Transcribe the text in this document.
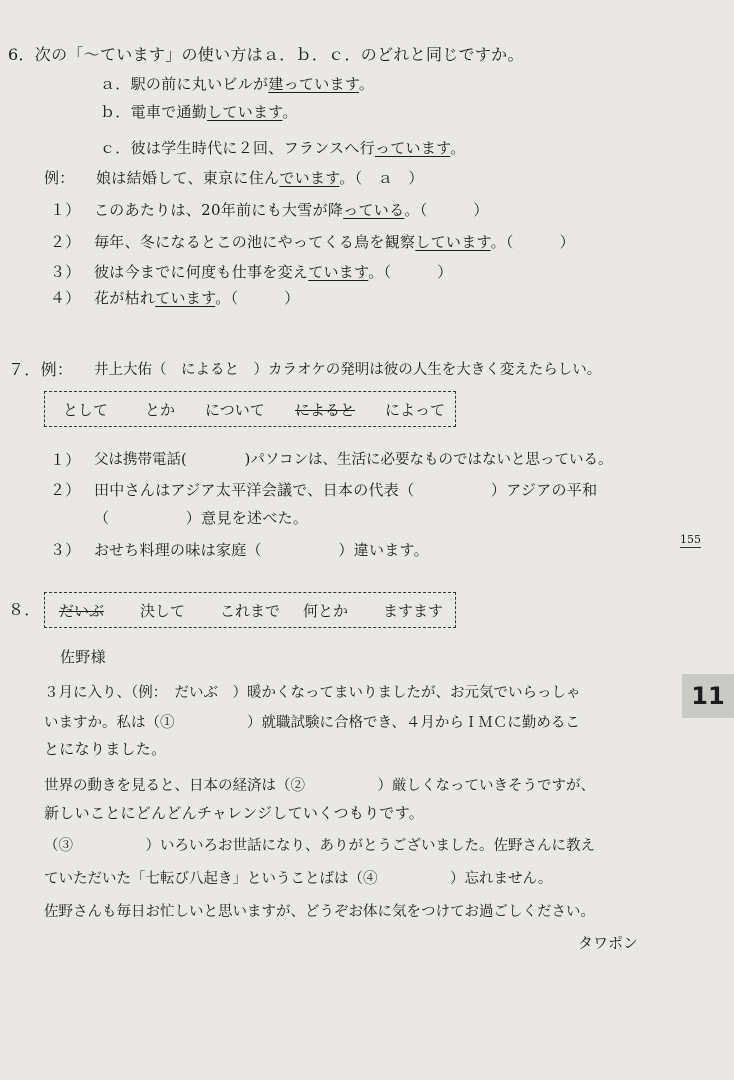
6．次の「〜ています」の使い方はａ．ｂ．ｃ．のどれと同じですか。
ａ．駅の前に丸いビルが建っています。
ｂ．電車で通勤しています。
ｃ．彼は学生時代に２回、フランスへ行っています。
例： 娘は結婚して、東京に住んでいます。（　ａ　）
１） このあたりは、20年前にも大雪が降っている。（　　　）
２） 毎年、冬になるとこの池にやってくる鳥を観察しています。（　　　）
３） 彼は今までに何度も仕事を変えています。（　　　）
４） 花が枯れています。（　　　）
７．例： 井上大佑（　によると　）カラオケの発明は彼の人生を大きく変えたらしい。
として とか について によると によって
１） 父は携帯電話(　　　　)パソコンは、生活に必要なものではないと思っている。
２） 田中さんはアジア太平洋会議で、日本の代表（　　　　　）アジアの平和
（　　　　　）意見を述べた。
３） おせち料理の味は家庭（　　　　　）違います。
８． だいぶ 決して これまで 何とか ますます
佐野様
３月に入り、（例：　だいぶ　）暖かくなってまいりましたが、お元気でいらっしゃ
いますか。私は（①　　　　　）就職試験に合格でき、４月からＩＭＣに勤めるこ
とになりました。
世界の動きを見ると、日本の経済は（②　　　　　）厳しくなっていきそうですが、
新しいことにどんどんチャレンジしていくつもりです。
（③　　　　　）いろいろお世話になり、ありがとうございました。佐野さんに教え
ていただいた「七転び八起き」ということばは（④　　　　　）忘れません。
佐野さんも毎日お忙しいと思いますが、どうぞお体に気をつけてお過ごしください。
タワポン
155
11
